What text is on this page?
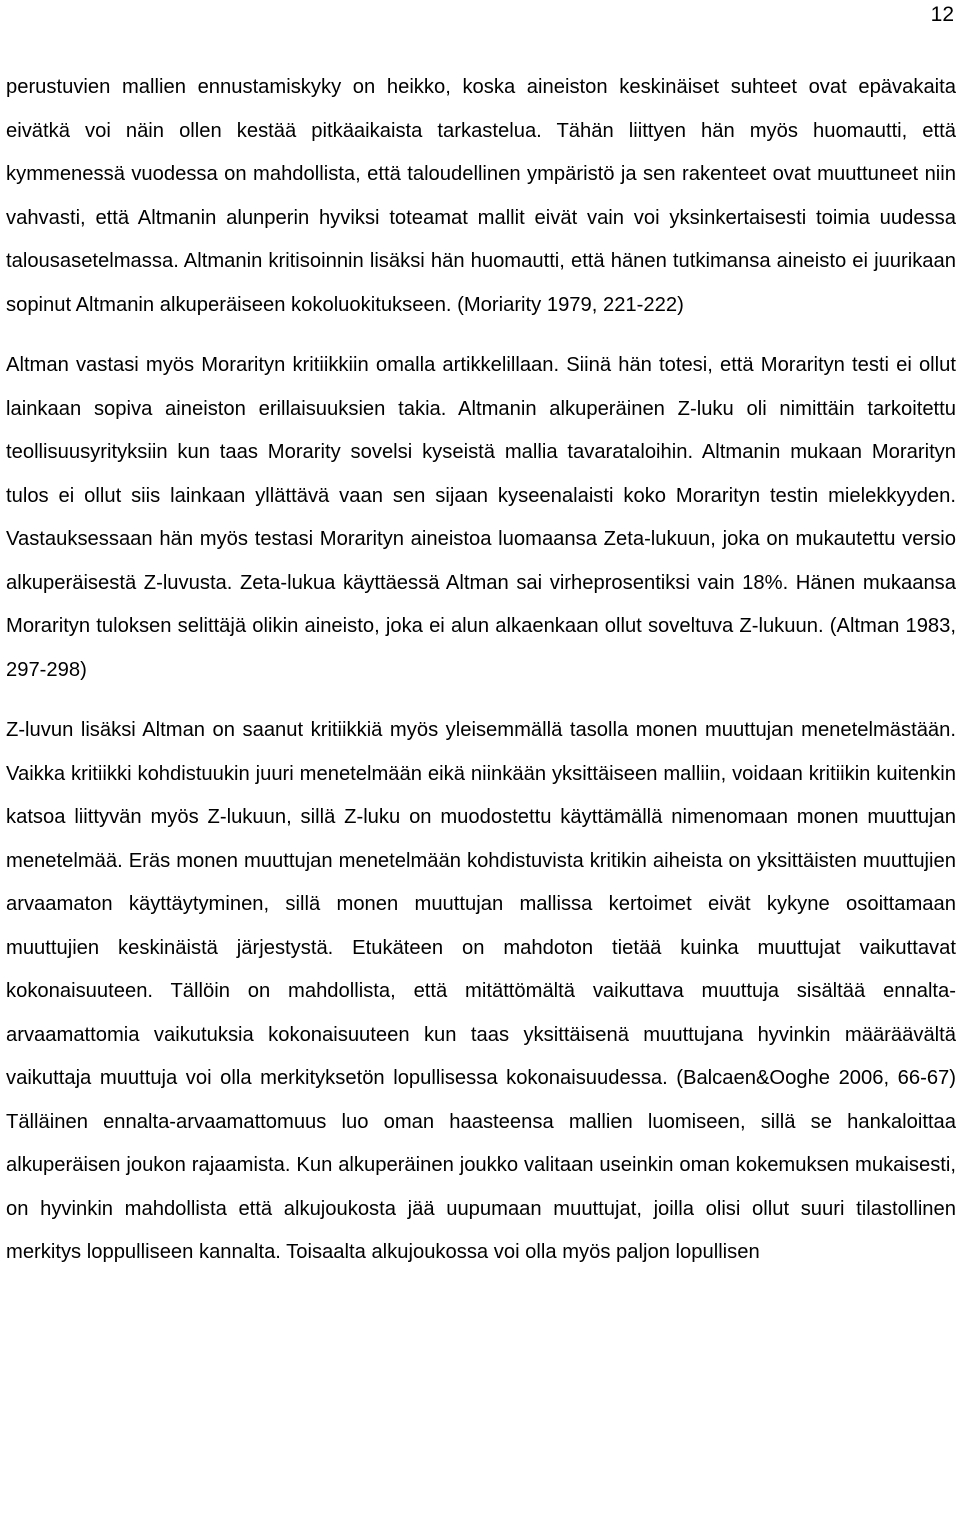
12

perustuvien mallien ennustamiskyky on heikko, koska aineiston keskinäiset suhteet ovat epävakaita eivätkä voi näin ollen kestää pitkäaikaista tarkastelua. Tähän liittyen hän myös huomautti, että kymmenessä vuodessa on mahdollista, että taloudellinen ympäristö ja sen rakenteet ovat muuttuneet niin vahvasti, että Altmanin alunperin hyviksi toteamat mallit eivät vain voi yksinkertaisesti toimia uudessa talousasetelmassa. Altmanin kritisoinnin lisäksi hän huomautti, että hänen tutkimansa aineisto ei juurikaan sopinut Altmanin alkuperäiseen kokoluokitukseen. (Moriarity 1979, 221-222)

Altman vastasi myös Morarityn kritiikkiin omalla artikkelillaan. Siinä hän totesi, että Morarityn testi ei ollut lainkaan sopiva aineiston erillaisuuksien takia. Altmanin alkuperäinen Z-luku oli nimittäin tarkoitettu teollisuusyrityksiin kun taas Morarity sovelsi kyseistä mallia tavarataloihin. Altmanin mukaan Morarityn tulos ei ollut siis lainkaan yllättävä vaan sen sijaan kyseenalaisti koko Morarityn testin mielekkyyden. Vastauksessaan hän myös testasi Morarityn aineistoa luomaansa Zeta-lukuun, joka on mukautettu versio alkuperäisestä Z-luvusta. Zeta-lukua käyttäessä Altman sai virheprosentiksi vain 18%. Hänen mukaansa Morarityn tuloksen selittäjä olikin aineisto, joka ei alun alkaenkaan ollut soveltuva Z-lukuun. (Altman 1983, 297-298)

Z-luvun lisäksi Altman on saanut kritiikkiä myös yleisemmällä tasolla monen muuttujan menetelmästään. Vaikka kritiikki kohdistuukin juuri menetelmään eikä niinkään yksittäiseen malliin, voidaan kritiikin kuitenkin katsoa liittyvän myös Z-lukuun, sillä Z-luku on muodostettu käyttämällä nimenomaan monen muuttujan menetelmää. Eräs monen muuttujan menetelmään kohdistuvista kritikin aiheista on yksittäisten muuttujien arvaamaton käyttäytyminen, sillä monen muuttujan mallissa kertoimet eivät kykyne osoittamaan muuttujien keskinäistä järjestystä. Etukäteen on mahdoton tietää kuinka muuttujat vaikuttavat kokonaisuuteen. Tällöin on mahdollista, että mitättömältä vaikuttava muuttuja sisältää ennalta-arvaamattomia vaikutuksia kokonaisuuteen kun taas yksittäisenä muuttujana hyvinkin määräävältä vaikuttaja muuttuja voi olla merkityksetön lopullisessa kokonaisuudessa. (Balcaen&Ooghe 2006, 66-67) Tälläinen ennalta-arvaamattomuus luo oman haasteensa mallien luomiseen, sillä se hankaloittaa alkuperäisen joukon rajaamista. Kun alkuperäinen joukko valitaan useinkin oman kokemuksen mukaisesti, on hyvinkin mahdollista että alkujoukosta jää uupumaan muuttujat, joilla olisi ollut suuri tilastollinen merkitys loppulliseen kannalta. Toisaalta alkujoukossa voi olla myös paljon lopullisen
